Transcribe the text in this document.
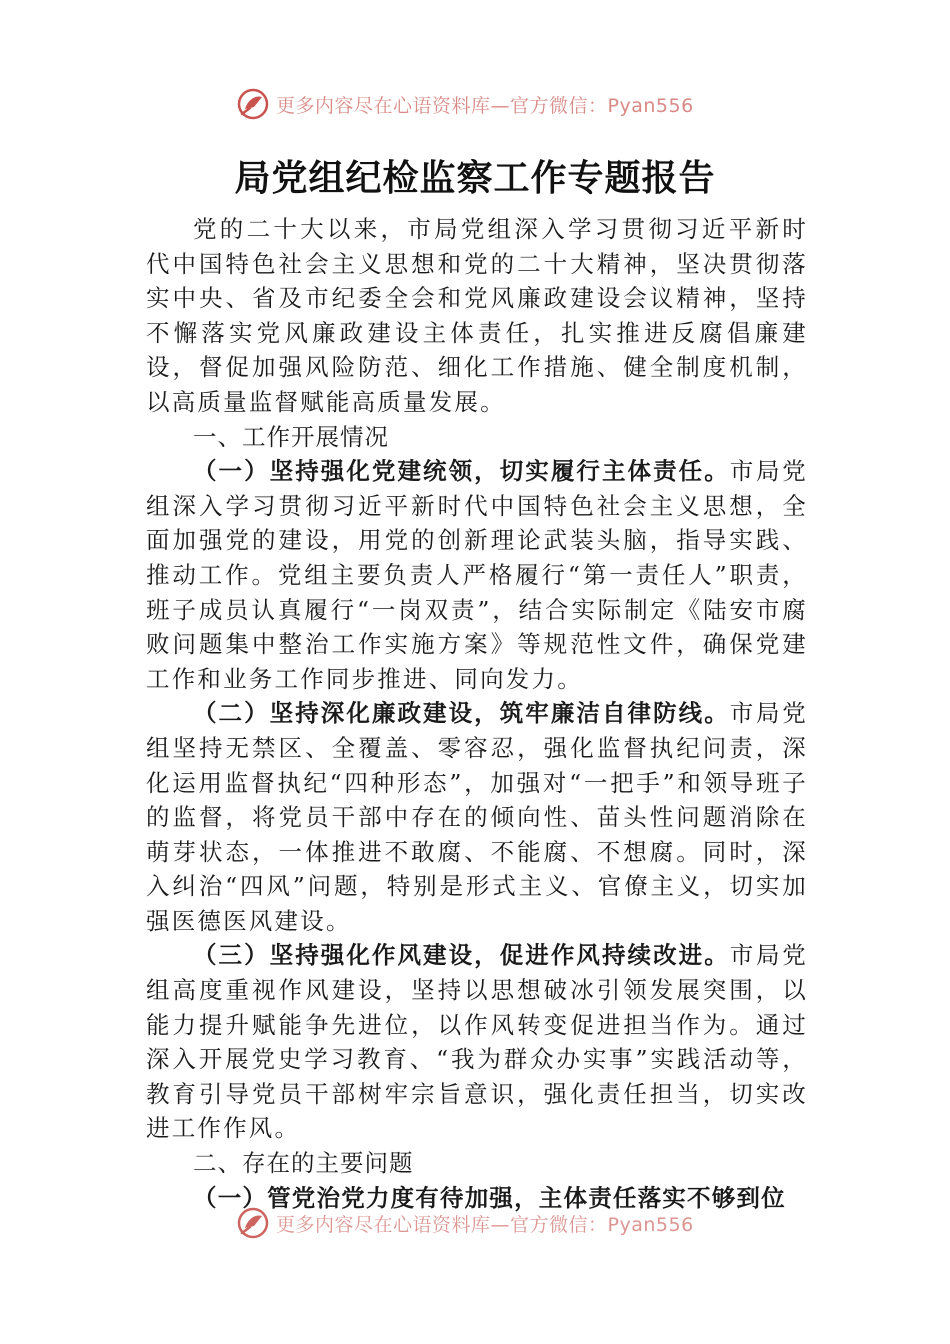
更多内容尽在心语资料库—官方微信：Pyan556
局党组纪检监察工作专题报告

党的二十大以来，市局党组深入学习贯彻习近平新时代中国特色社会主义思想和党的二十大精神，坚决贯彻落实中央、省及市纪委全会和党风廉政建设会议精神，坚持不懈落实党风廉政建设主体责任，扎实推进反腐倡廉建设，督促加强风险防范、细化工作措施、健全制度机制，以高质量监督赋能高质量发展。

一、工作开展情况

（一）坚持强化党建统领，切实履行主体责任。市局党组深入学习贯彻习近平新时代中国特色社会主义思想，全面加强党的建设，用党的创新理论武装头脑，指导实践、推动工作。党组主要负责人严格履行“第一责任人”职责，班子成员认真履行“一岗双责”，结合实际制定《陆安市腐败问题集中整治工作实施方案》等规范性文件，确保党建工作和业务工作同步推进、同向发力。

（二）坚持深化廉政建设，筑牢廉洁自律防线。市局党组坚持无禁区、全覆盖、零容忍，强化监督执纪问责，深化运用监督执纪“四种形态”，加强对“一把手”和领导班子的监督，将党员干部中存在的倾向性、苗头性问题消除在萌芽状态，一体推进不敢腐、不能腐、不想腐。同时，深入纠治“四风”问题，特别是形式主义、官僚主义，切实加强医德医风建设。

（三）坚持强化作风建设，促进作风持续改进。市局党组高度重视作风建设，坚持以思想破冰引领发展突围，以能力提升赋能争先进位，以作风转变促进担当作为。通过深入开展党史学习教育、“我为群众办实事”实践活动等，教育引导党员干部树牢宗旨意识，强化责任担当，切实改进工作作风。

二、存在的主要问题

（一）管党治党力度有待加强，主体责任落实不够到位

更多内容尽在心语资料库—官方微信：Pyan556
